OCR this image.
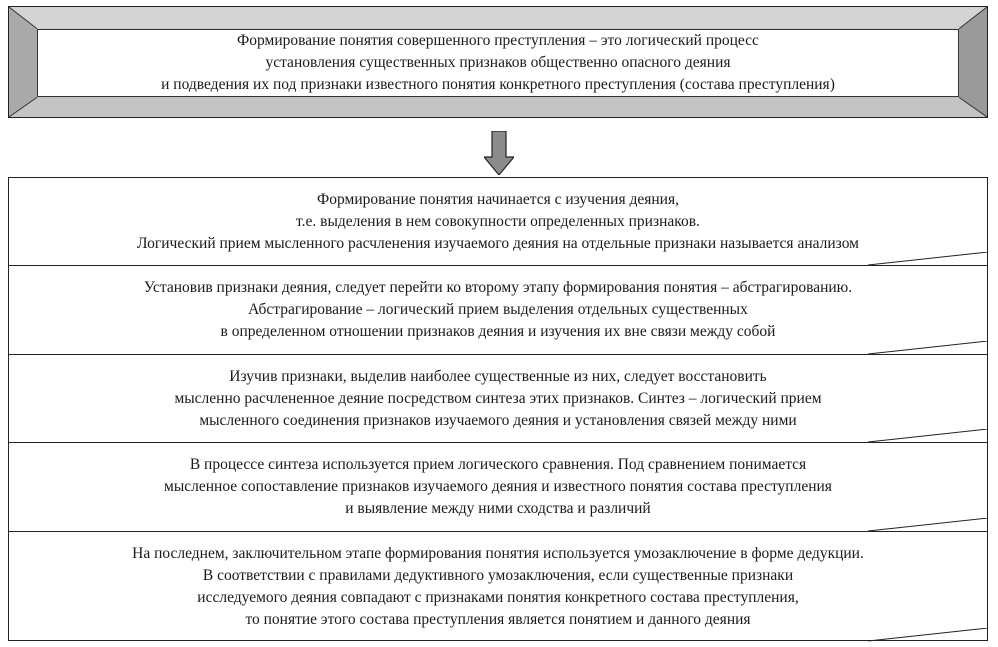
Формирование понятия совершенного преступления – это логический процесс
установления существенных признаков общественно опасного деяния
и подведения их под признаки известного понятия конкретного преступления (состава преступления)
Формирование понятия начинается с изучения деяния,
т.е. выделения в нем совокупности определенных признаков.
Логический прием мысленного расчленения изучаемого деяния на отдельные признаки называется анализом
Установив признаки деяния, следует перейти ко второму этапу формирования понятия – абстрагированию.
Абстрагирование – логический прием выделения отдельных существенных
в определенном отношении признаков деяния и изучения их вне связи между собой
Изучив признаки, выделив наиболее существенные из них, следует восстановить
мысленно расчлененное деяние посредством синтеза этих признаков. Синтез – логический прием
мысленного соединения признаков изучаемого деяния и установления связей между ними
В процессе синтеза используется прием логического сравнения. Под сравнением понимается
мысленное сопоставление признаков изучаемого деяния и известного понятия состава преступления
и выявление между ними сходства и различий
На последнем, заключительном этапе формирования понятия используется умозаключение в форме дедукции.
В соответствии с правилами дедуктивного умозаключения, если существенные признаки
исследуемого деяния совпадают с признаками понятия конкретного состава преступления,
то понятие этого состава преступления является понятием и данного деяния
